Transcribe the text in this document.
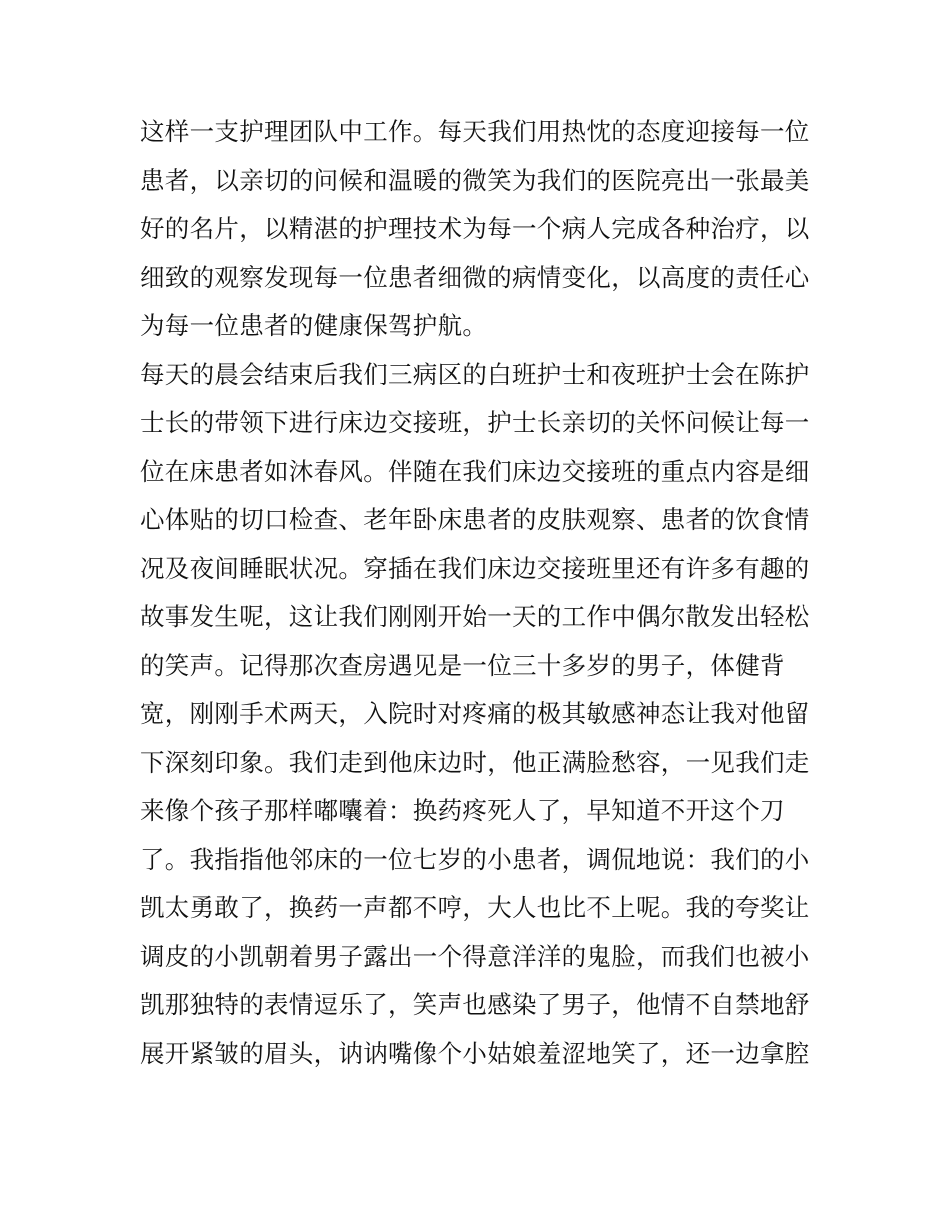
这样一支护理团队中工作。每天我们用热忱的态度迎接每一位
患者，以亲切的问候和温暖的微笑为我们的医院亮出一张最美
好的名片，以精湛的护理技术为每一个病人完成各种治疗，以
细致的观察发现每一位患者细微的病情变化，以高度的责任心
为每一位患者的健康保驾护航。
每天的晨会结束后我们三病区的白班护士和夜班护士会在陈护
士长的带领下进行床边交接班，护士长亲切的关怀问候让每一
位在床患者如沐春风。伴随在我们床边交接班的重点内容是细
心体贴的切口检查、老年卧床患者的皮肤观察、患者的饮食情
况及夜间睡眠状况。穿插在我们床边交接班里还有许多有趣的
故事发生呢，这让我们刚刚开始一天的工作中偶尔散发出轻松
的笑声。记得那次查房遇见是一位三十多岁的男子，体健背
宽，刚刚手术两天，入院时对疼痛的极其敏感神态让我对他留
下深刻印象。我们走到他床边时，他正满脸愁容，一见我们走
来像个孩子那样嘟囔着：换药疼死人了，早知道不开这个刀
了。我指指他邻床的一位七岁的小患者，调侃地说：我们的小
凯太勇敢了，换药一声都不哼，大人也比不上呢。我的夸奖让
调皮的小凯朝着男子露出一个得意洋洋的鬼脸，而我们也被小
凯那独特的表情逗乐了，笑声也感染了男子，他情不自禁地舒
展开紧皱的眉头，讷讷嘴像个小姑娘羞涩地笑了，还一边拿腔
